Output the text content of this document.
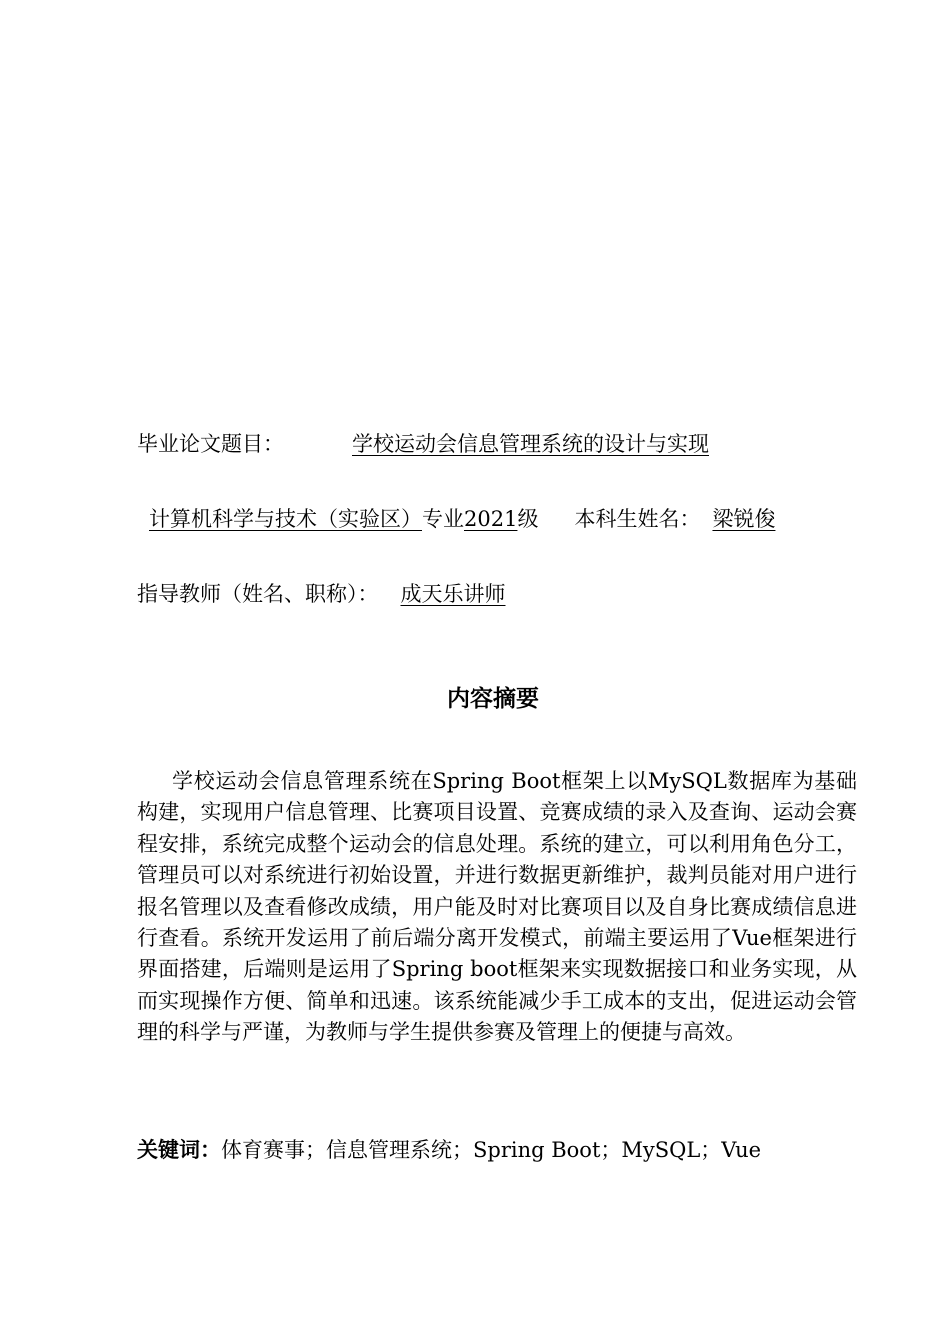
毕业论文题目：	学校运动会信息管理系统的设计与实现
计算机科学与技术（实验区）专业2021级 本科生姓名： 梁锐俊
指导教师（姓名、职称）： 成天乐讲师
内容摘要
学校运动会信息管理系统在Spring Boot框架上以MySQL数据库为基础构建，实现用户信息管理、比赛项目设置、竞赛成绩的录入及查询、运动会赛程安排，系统完成整个运动会的信息处理。系统的建立，可以利用角色分工，管理员可以对系统进行初始设置，并进行数据更新维护，裁判员能对用户进行报名管理以及查看修改成绩，用户能及时对比赛项目以及自身比赛成绩信息进行查看。系统开发运用了前后端分离开发模式，前端主要运用了Vue框架进行界面搭建，后端则是运用了Spring boot框架来实现数据接口和业务实现，从而实现操作方便、简单和迅速。该系统能减少手工成本的支出，促进运动会管理的科学与严谨，为教师与学生提供参赛及管理上的便捷与高效。
关键词：体育赛事；信息管理系统；Spring Boot；MySQL；Vue
